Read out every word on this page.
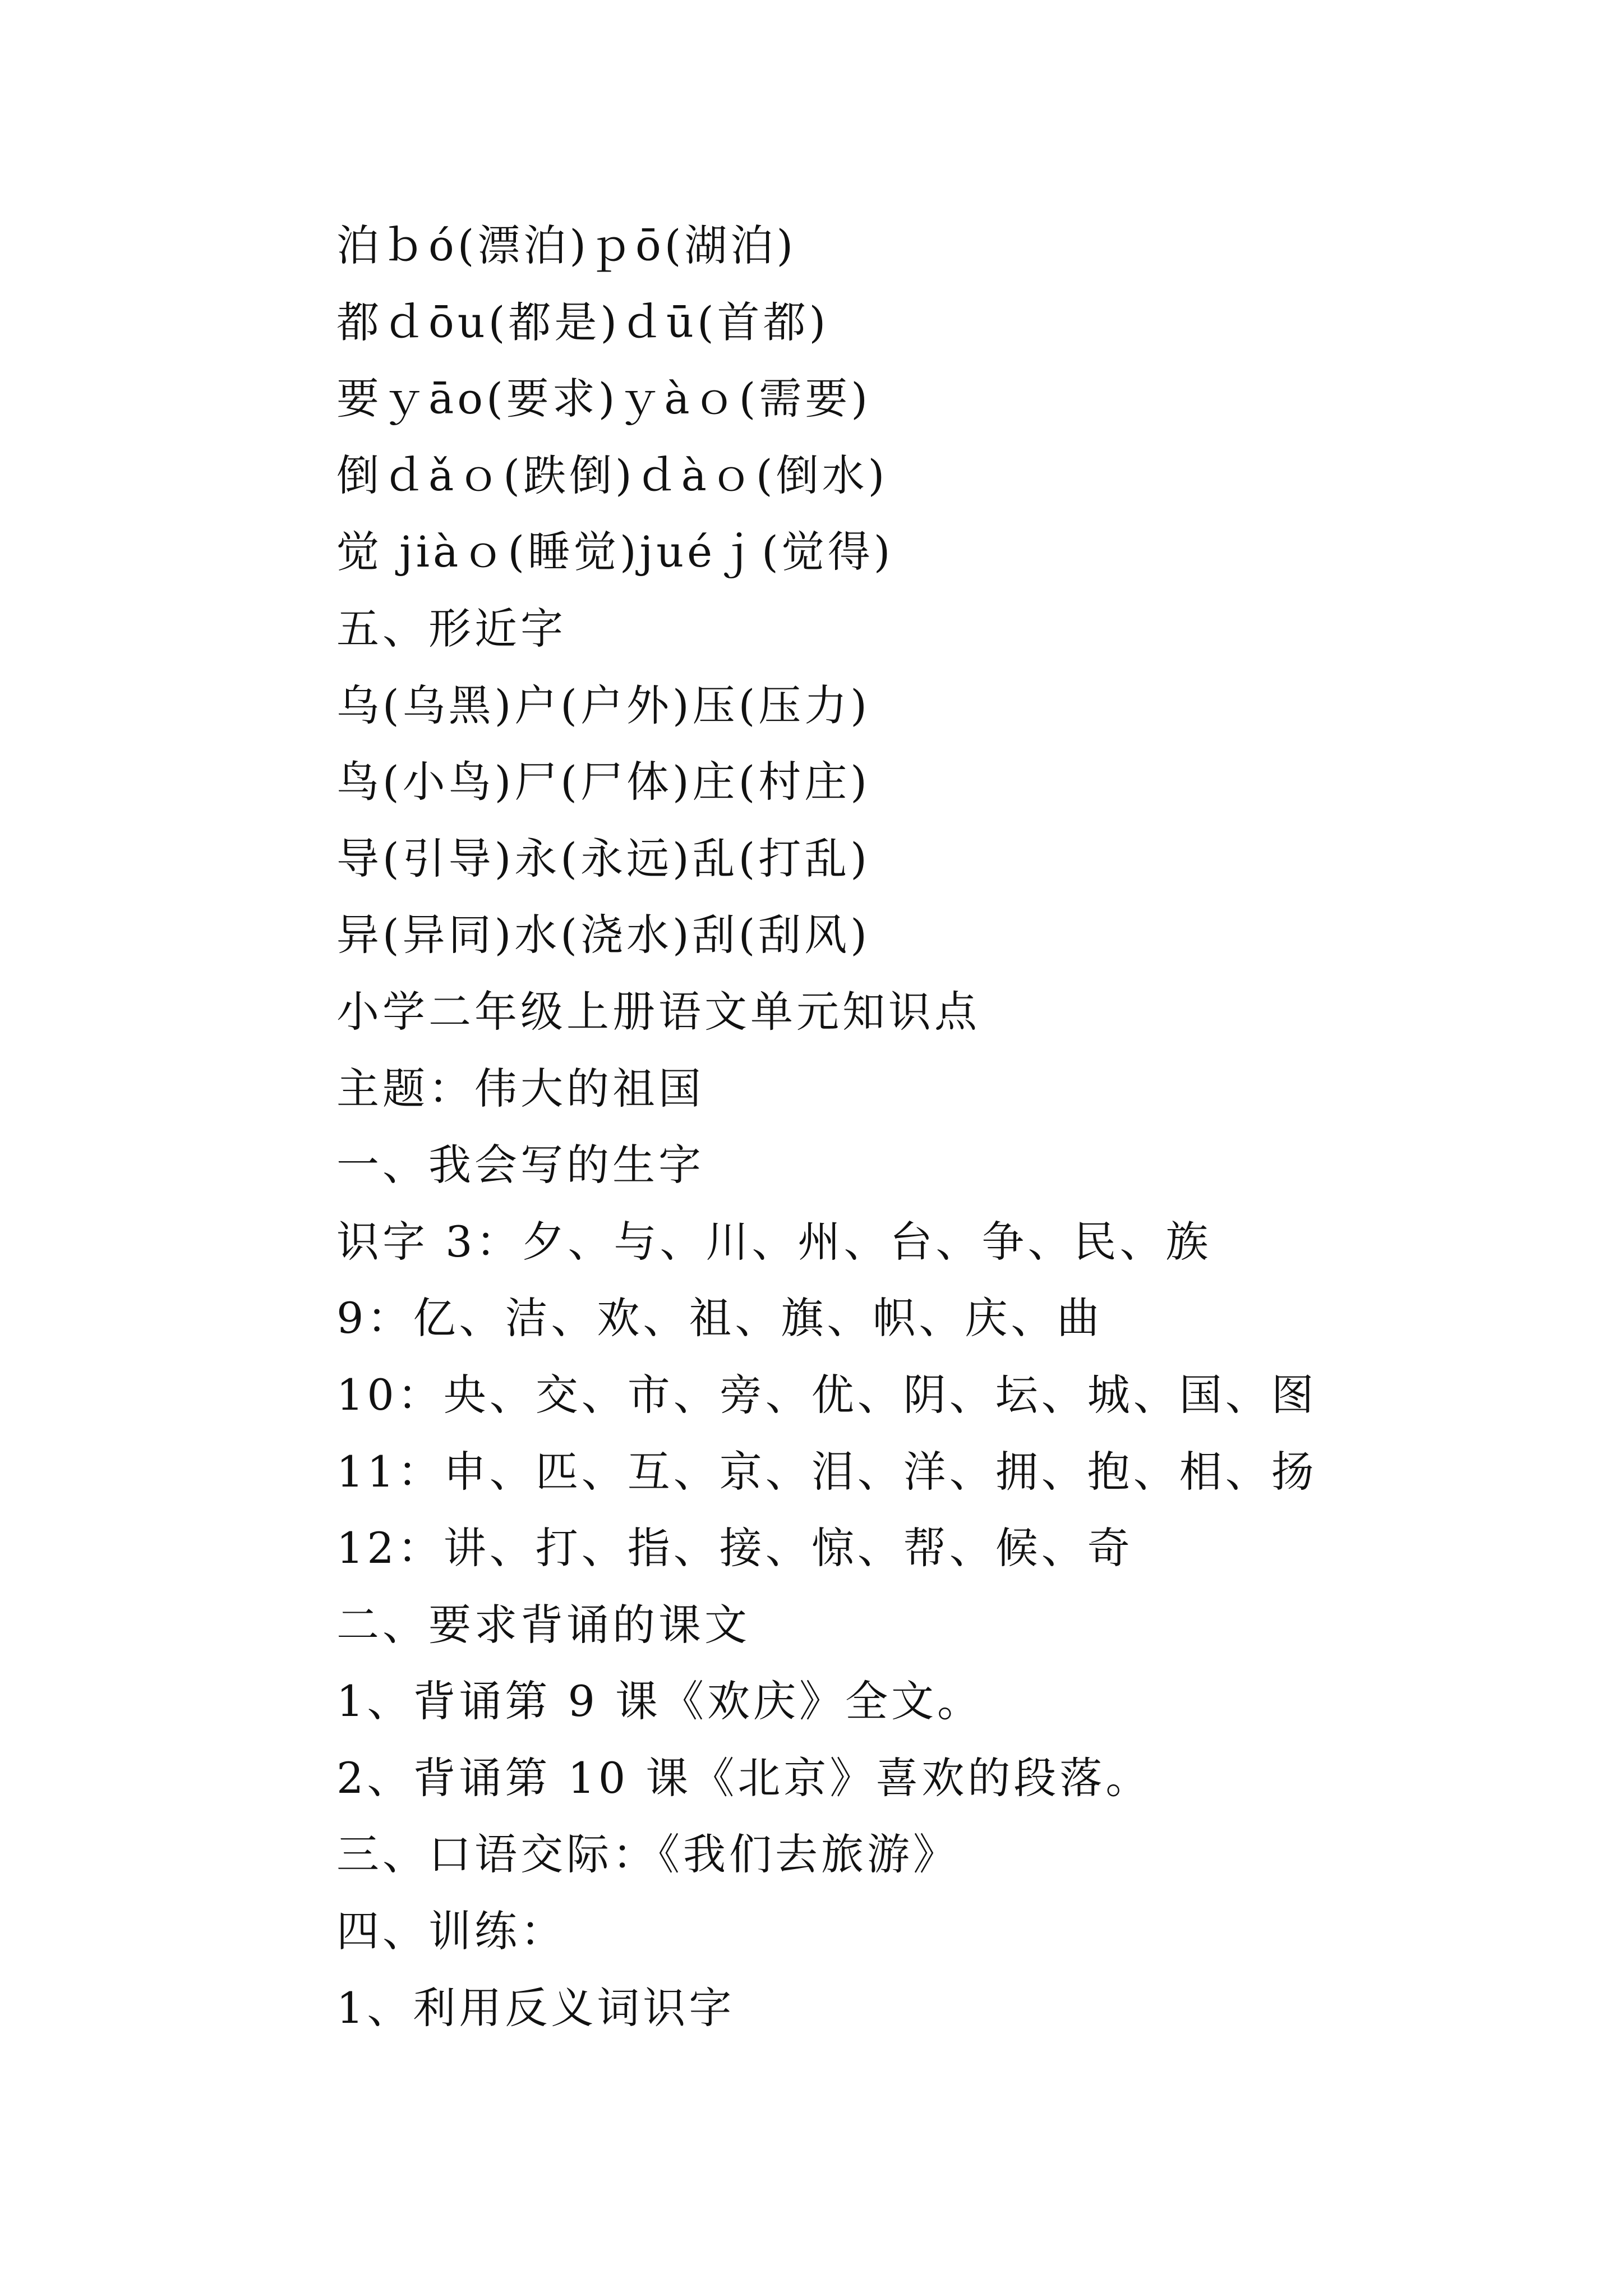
泊ｂó(漂泊)ｐō(湖泊)
都ｄōu(都是)ｄū(首都)
要ｙāo(要求)ｙàｏ(需要)
倒ｄǎｏ(跌倒)ｄàｏ(倒水)
觉 jiàｏ(睡觉)juéｊ(觉得)
五、形近字
乌(乌黑)户(户外)压(压力)
鸟(小鸟)尸(尸体)庄(村庄)
导(引导)永(永远)乱(打乱)
异(异同)水(浇水)刮(刮风)
小学二年级上册语文单元知识点
主题：伟大的祖国
一、我会写的生字
识字 3：夕、与、川、州、台、争、民、族
9：亿、洁、欢、祖、旗、帜、庆、曲
10：央、交、市、旁、优、阴、坛、城、国、图
11：申、匹、互、京、泪、洋、拥、抱、相、扬
12：讲、打、指、接、惊、帮、候、奇
二、要求背诵的课文
1、背诵第 9 课《欢庆》全文。
2、背诵第 10 课《北京》喜欢的段落。
三、口语交际：《我们去旅游》
四、训练：
1、利用反义词识字
